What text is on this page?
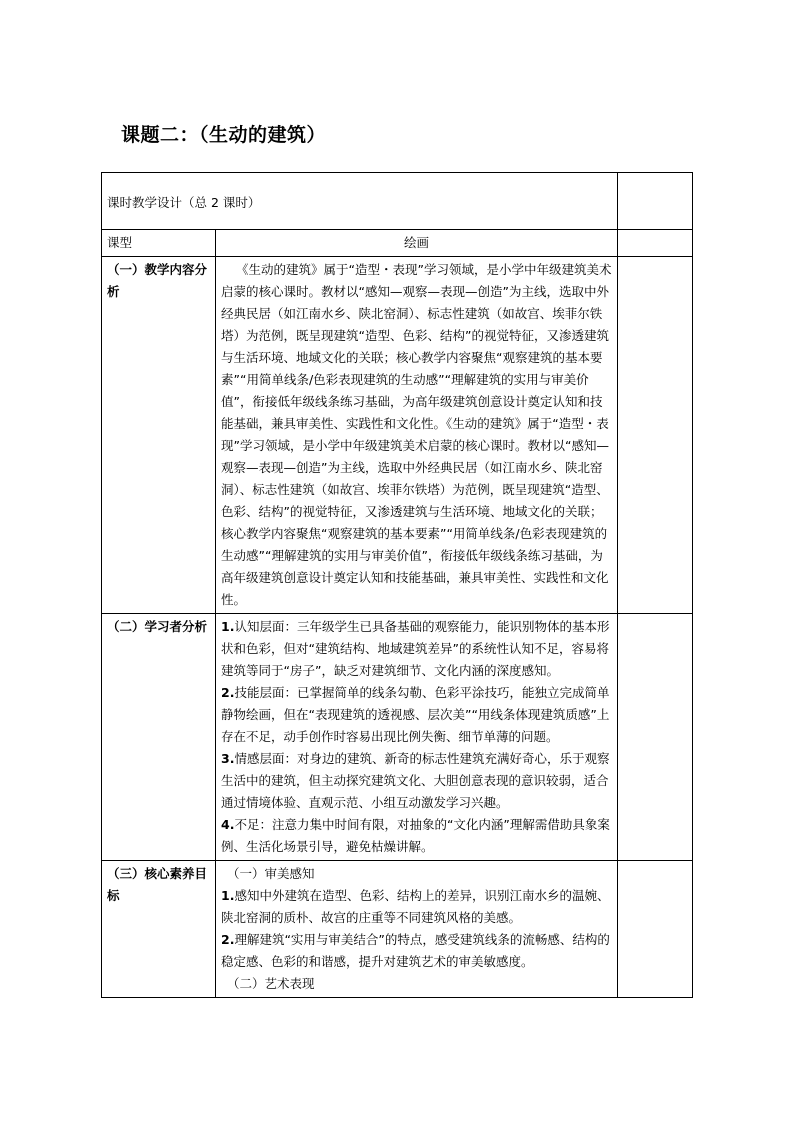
课题二：（生动的建筑）
课时教学设计（总 2 课时）		

课型	绘画	
（一）教学内容分析	《生动的建筑》属于“造型・表现”学习领域，是小学中年级建筑美术启蒙的核心课时。教材以“感知—观察—表现—创造”为主线，选取中外经典民居（如江南水乡、陕北窑洞）、标志性建筑（如故宫、埃菲尔铁塔）为范例，既呈现建筑“造型、色彩、结构”的视觉特征，又渗透建筑与生活环境、地域文化的关联；核心教学内容聚焦“观察建筑的基本要素”“用简单线条/色彩表现建筑的生动感”“理解建筑的实用与审美价值”，衔接低年级线条练习基础，为高年级建筑创意设计奠定认知和技能基础，兼具审美性、实践性和文化性。《生动的建筑》属于“造型・表现”学习领域，是小学中年级建筑美术启蒙的核心课时。教材以“感知—观察—表现—创造”为主线，选取中外经典民居（如江南水乡、陕北窑洞）、标志性建筑（如故宫、埃菲尔铁塔）为范例，既呈现建筑“造型、色彩、结构”的视觉特征，又渗透建筑与生活环境、地域文化的关联；核心教学内容聚焦“观察建筑的基本要素”“用简单线条/色彩表现建筑的生动感”“理解建筑的实用与审美价值”，衔接低年级线条练习基础，为高年级建筑创意设计奠定认知和技能基础，兼具审美性、实践性和文化性。	

（二）学习者分析	1.认知层面：三年级学生已具备基础的观察能力，能识别物体的基本形状和色彩，但对“建筑结构、地域建筑差异”的系统性认知不足，容易将建筑等同于“房子”，缺乏对建筑细节、文化内涵的深度感知。

2.技能层面：已掌握简单的线条勾勒、色彩平涂技巧，能独立完成简单静物绘画，但在“表现建筑的透视感、层次美”“用线条体现建筑质感”上存在不足，动手创作时容易出现比例失衡、细节单薄的问题。

3.情感层面：对身边的建筑、新奇的标志性建筑充满好奇心，乐于观察生活中的建筑，但主动探究建筑文化、大胆创意表现的意识较弱，适合通过情境体验、直观示范、小组互动激发学习兴趣。

4.不足：注意力集中时间有限，对抽象的“文化内涵”理解需借助具象案例、生活化场景引导，避免枯燥讲解。	

（三）核心素养目标	（一）审美感知

1.感知中外建筑在造型、色彩、结构上的差异，识别江南水乡的温婉、陕北窑洞的质朴、故宫的庄重等不同建筑风格的美感。

2.理解建筑“实用与审美结合”的特点，感受建筑线条的流畅感、结构的稳定感、色彩的和谐感，提升对建筑艺术的审美敏感度。

（二）艺术表现	
